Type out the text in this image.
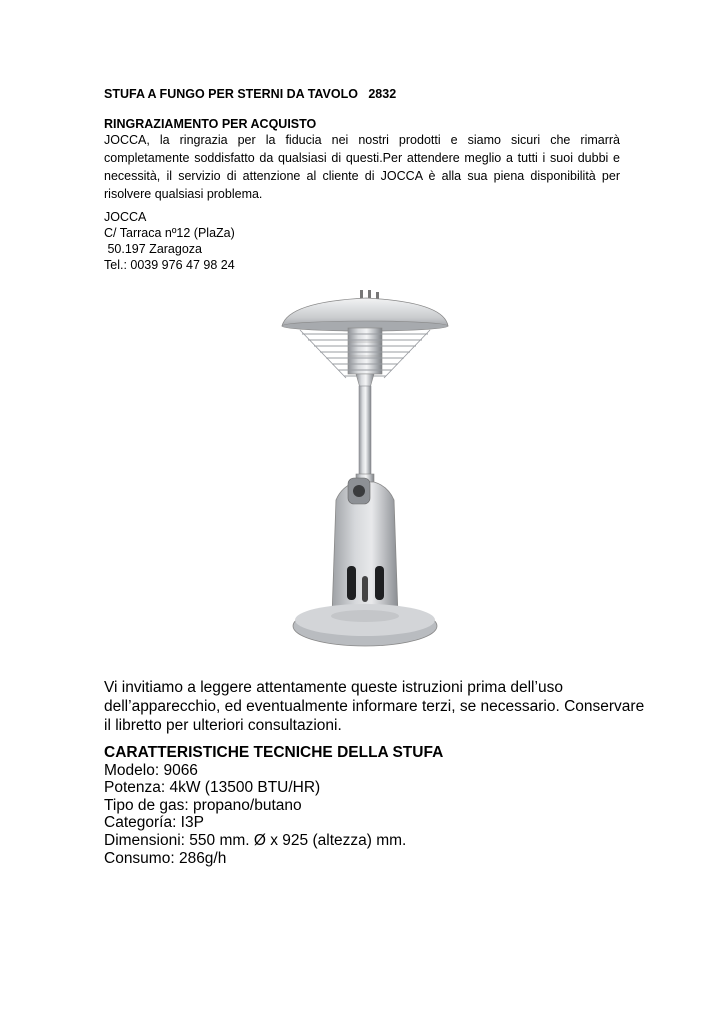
STUFA A FUNGO PER STERNI DA TAVOLO   2832
RINGRAZIAMENTO PER ACQUISTO

JOCCA, la ringrazia per la fiducia nei nostri prodotti e siamo sicuri che rimarrà completamente soddisfatto da qualsiasi di questi.Per attendere meglio a tutti i suoi dubbi e necessità, il servizio di attenzione al cliente di JOCCA è alla sua piena disponibilità per risolvere qualsiasi problema.

JOCCA
C/ Tarraca nº12 (PlaZa)
50.197 Zaragoza
Tel.: 0039 976 47 98 24
Vi invitiamo a leggere attentamente queste istruzioni prima dell’uso
dell’apparecchio, ed eventualmente informare terzi, se necessario. Conservare
il libretto per ulteriori consultazioni.
CARATTERISTICHE TECNICHE DELLA STUFA
Modelo: 9066
Potenza: 4kW (13500 BTU/HR)
Tipo de gas: propano/butano
Categoría: I3P
Dimensioni: 550 mm. Ø x 925 (altezza) mm.
Consumo: 286g/h
